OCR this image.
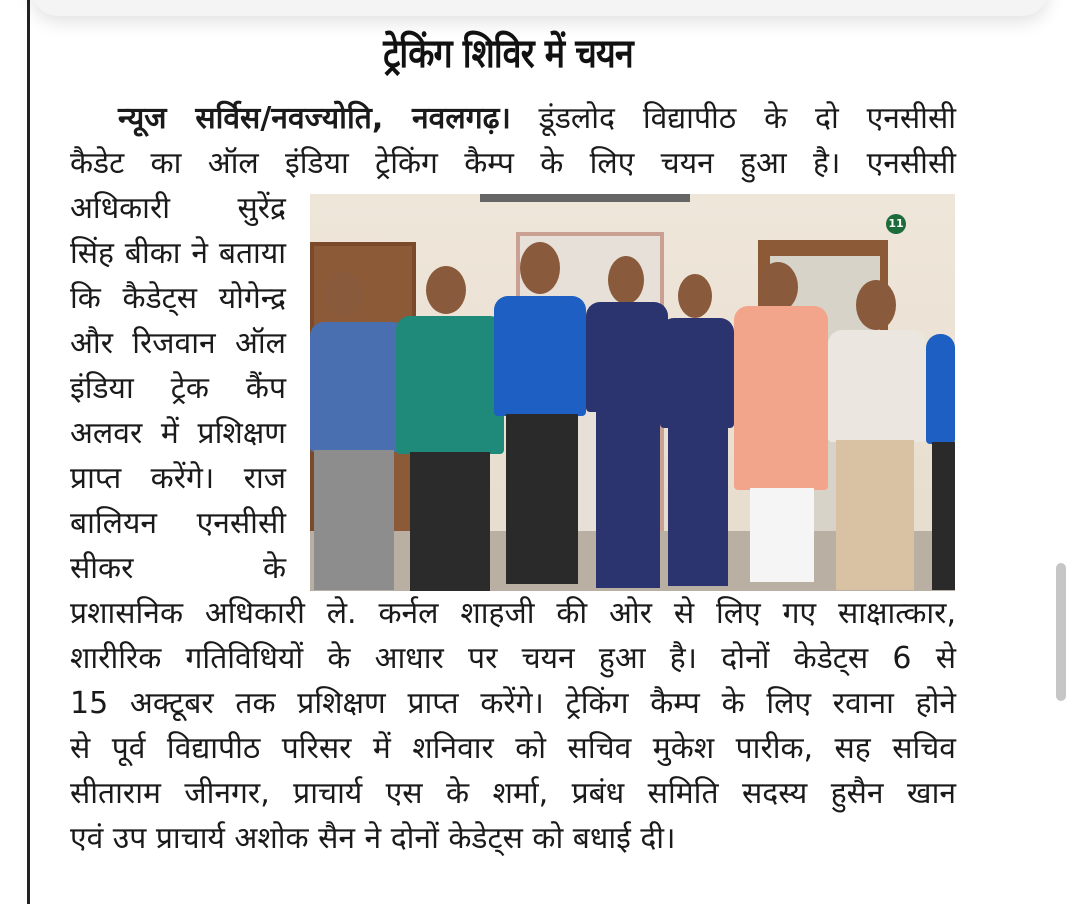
ट्रेकिंग शिविर में चयन
न्यूज सर्विस/नवज्योति, नवलगढ़। डूंडलोद विद्यापीठ के दो एनसीसी
कैडेट का ऑल इंडिया ट्रेकिंग कैम्प के लिए चयन हुआ है। एनसीसी
अधिकारी सुरेंद्र
सिंह बीका ने बताया
कि कैडेट्स योगेन्द्र
और रिजवान ऑल
इंडिया ट्रेक कैंप
अलवर में प्रशिक्षण
प्राप्त करेंगे। राज
बालियन एनसीसी
सीकर के
11
प्रशासनिक अधिकारी ले. कर्नल शाहजी की ओर से लिए गए साक्षात्कार,
शारीरिक गतिविधियों के आधार पर चयन हुआ है। दोनों केडेट्स 6 से
15 अक्टूबर तक प्रशिक्षण प्राप्त करेंगे। ट्रेकिंग कैम्प के लिए रवाना होने
से पूर्व विद्यापीठ परिसर में शनिवार को सचिव मुकेश पारीक, सह सचिव
सीताराम जीनगर, प्राचार्य एस के शर्मा, प्रबंध समिति सदस्य हुसैन खान
एवं उप प्राचार्य अशोक सैन ने दोनों केडेट्स को बधाई दी।
